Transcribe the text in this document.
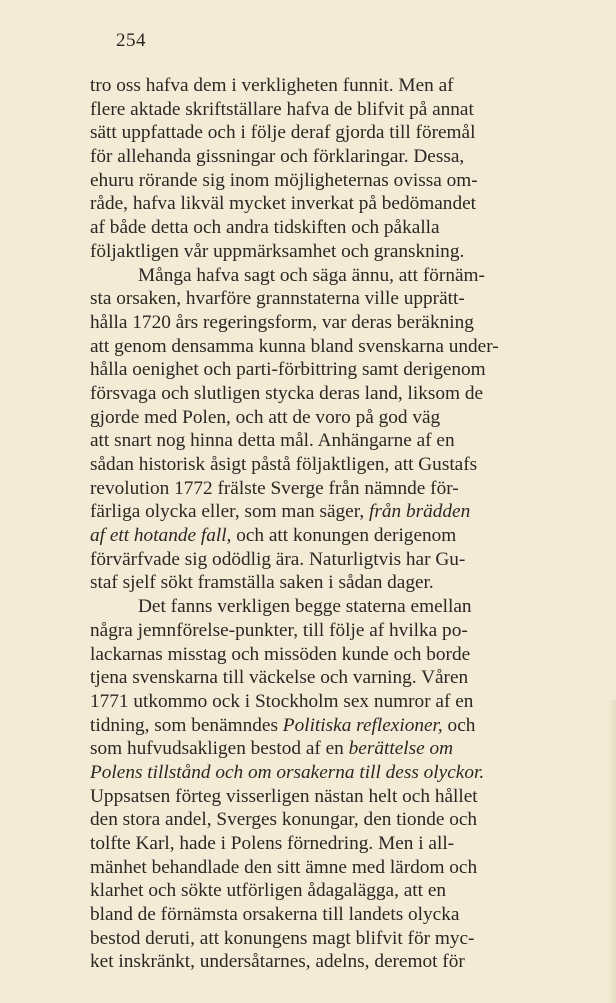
254
tro oss hafva dem i verkligheten funnit. Men af
flere aktade skriftställare hafva de blifvit på annat
sätt uppfattade och i följe deraf gjorda till föremål
för allehanda gissningar och förklaringar. Dessa,
ehuru rörande sig inom möjligheternas ovissa om-
råde, hafva likväl mycket inverkat på bedömandet
af både detta och andra tidskiften och påkalla
följaktligen vår uppmärksamhet och granskning.
Många hafva sagt och säga ännu, att förnäm-
sta orsaken, hvarföre grannstaterna ville upprätt-
hålla 1720 års regeringsform, var deras beräkning
att genom densamma kunna bland svenskarna under-
hålla oenighet och parti-förbittring samt derigenom
försvaga och slutligen stycka deras land, liksom de
gjorde med Polen, och att de voro på god väg
att snart nog hinna detta mål. Anhängarne af en
sådan historisk åsigt påstå följaktligen, att Gustafs
revolution 1772 frälste Sverge från nämnde för-
färliga olycka eller, som man säger, från brädden
af ett hotande fall, och att konungen derigenom
förvärfvade sig odödlig ära. Naturligtvis har Gu-
staf sjelf sökt framställa saken i sådan dager.
Det fanns verkligen begge staterna emellan
några jemnförelse-punkter, till följe af hvilka po-
lackarnas misstag och missöden kunde och borde
tjena svenskarna till väckelse och varning. Våren
1771 utkommo ock i Stockholm sex numror af en
tidning, som benämndes Politiska reflexioner, och
som hufvudsakligen bestod af en berättelse om
Polens tillstånd och om orsakerna till dess olyckor.
Uppsatsen förteg visserligen nästan helt och hållet
den stora andel, Sverges konungar, den tionde och
tolfte Karl, hade i Polens förnedring. Men i all-
mänhet behandlade den sitt ämne med lärdom och
klarhet och sökte utförligen ådagalägga, att en
bland de förnämsta orsakerna till landets olycka
bestod deruti, att konungens magt blifvit för myc-
ket inskränkt, undersåtarnes, adelns, deremot för
